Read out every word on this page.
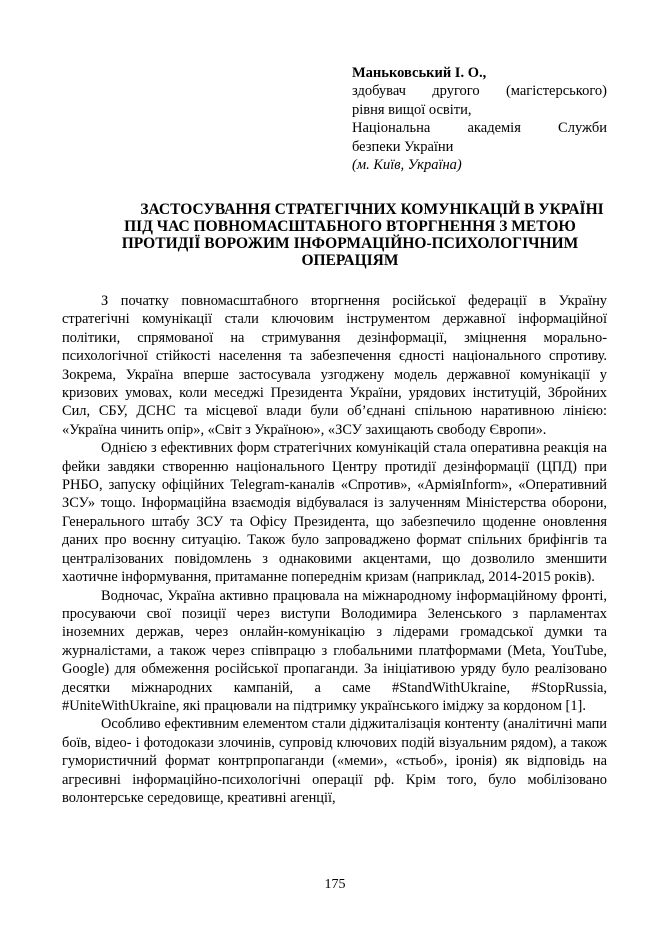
Маньковський І. О.,
здобувач другого (магістерського)
рівня вищої освіти,
Національна академія Служби
безпеки України
(м. Київ, Україна)
ЗАСТОСУВАННЯ СТРАТЕГІЧНИХ КОМУНІКАЦІЙ В УКРАЇНІ ПІД ЧАС ПОВНОМАСШТАБНОГО ВТОРГНЕННЯ З МЕТОЮ ПРОТИДІЇ ВОРОЖИМ ІНФОРМАЦІЙНО-ПСИХОЛОГІЧНИМ ОПЕРАЦІЯМ

З початку повномасштабного вторгнення російської федерації в Україну стратегічні комунікації стали ключовим інструментом державної інформаційної політики, спрямованої на стримування дезінформації, зміцнення морально-психологічної стійкості населення та забезпечення єдності національного спротиву. Зокрема, Україна вперше застосувала узгоджену модель державної комунікації у кризових умовах, коли меседжі Президента України, урядових інституцій, Збройних Сил, СБУ, ДСНС та місцевої влади були об’єднані спільною наративною лінією: «Україна чинить опір», «Світ з Україною», «ЗСУ захищають свободу Європи».

Однією з ефективних форм стратегічних комунікацій стала оперативна реакція на фейки завдяки створенню національного Центру протидії дезінформації (ЦПД) при РНБО, запуску офіційних Telegram-каналів «Спротив», «АрміяInform», «Оперативний ЗСУ» тощо. Інформаційна взаємодія відбувалася із залученням Міністерства оборони, Генерального штабу ЗСУ та Офісу Президента, що забезпечило щоденне оновлення даних про воєнну ситуацію. Також було запроваджено формат спільних брифінгів та централізованих повідомлень з однаковими акцентами, що дозволило зменшити хаотичне інформування, притаманне попереднім кризам (наприклад, 2014-2015 років).

Водночас, Україна активно працювала на міжнародному інформаційному фронті, просуваючи свої позиції через виступи Володимира Зеленського з парламентах іноземних держав, через онлайн-комунікацію з лідерами громадської думки та журналістами, а також через співпрацю з глобальними платформами (Meta, YouTube, Google) для обмеження російської пропаганди. За ініціативою уряду було реалізовано десятки міжнародних кампаній, а саме #StandWithUkraine, #StopRussia, #UniteWithUkraine, які працювали на підтримку українського іміджу за кордоном [1].

Особливо ефективним елементом стали діджиталізація контенту (аналітичні мапи боїв, відео- і фотодокази злочинів, супровід ключових подій візуальним рядом), а також гумористичний формат контрпропаганди («меми», «стьоб», іронія) як відповідь на агресивні інформаційно-психологічні операції рф. Крім того, було мобілізовано волонтерське середовище, креативні агенції,

175
